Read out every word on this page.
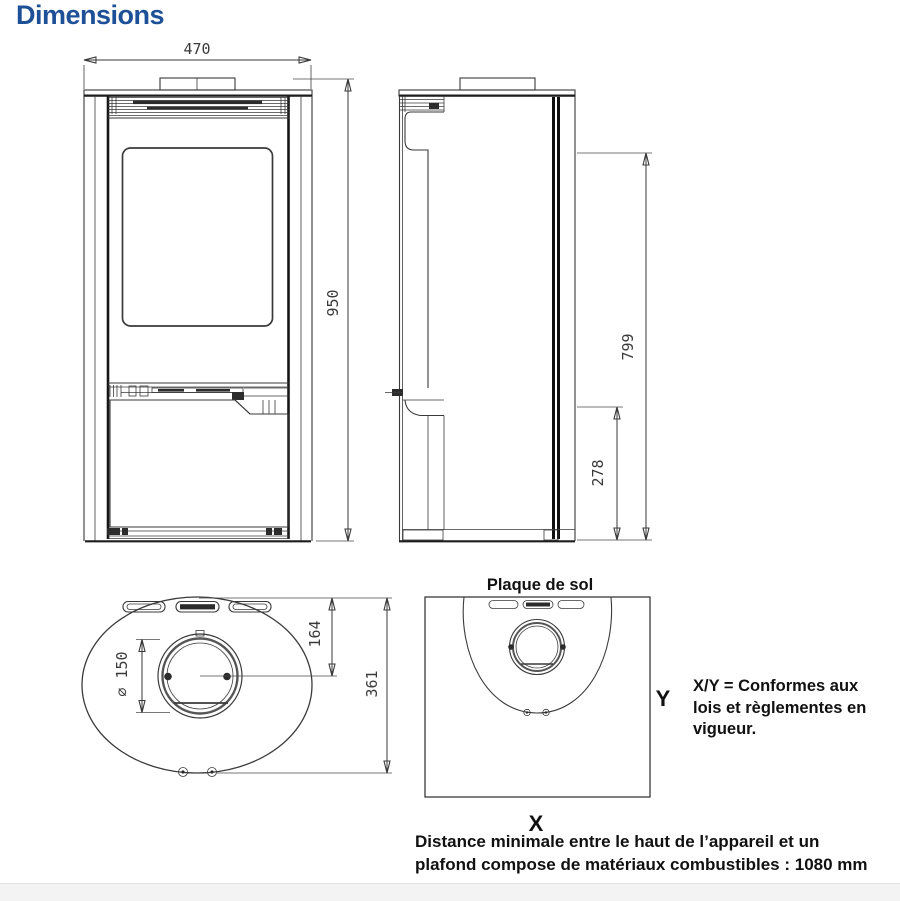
Dimensions
470
950
799
278
∅ 150
164
361
Plaque de sol
Y
X
X/Y = Conformes aux
lois et règlementes en
vigueur.
Distance minimale entre le haut de l’appareil et un
plafond compose de matériaux combustibles : 1080 mm
